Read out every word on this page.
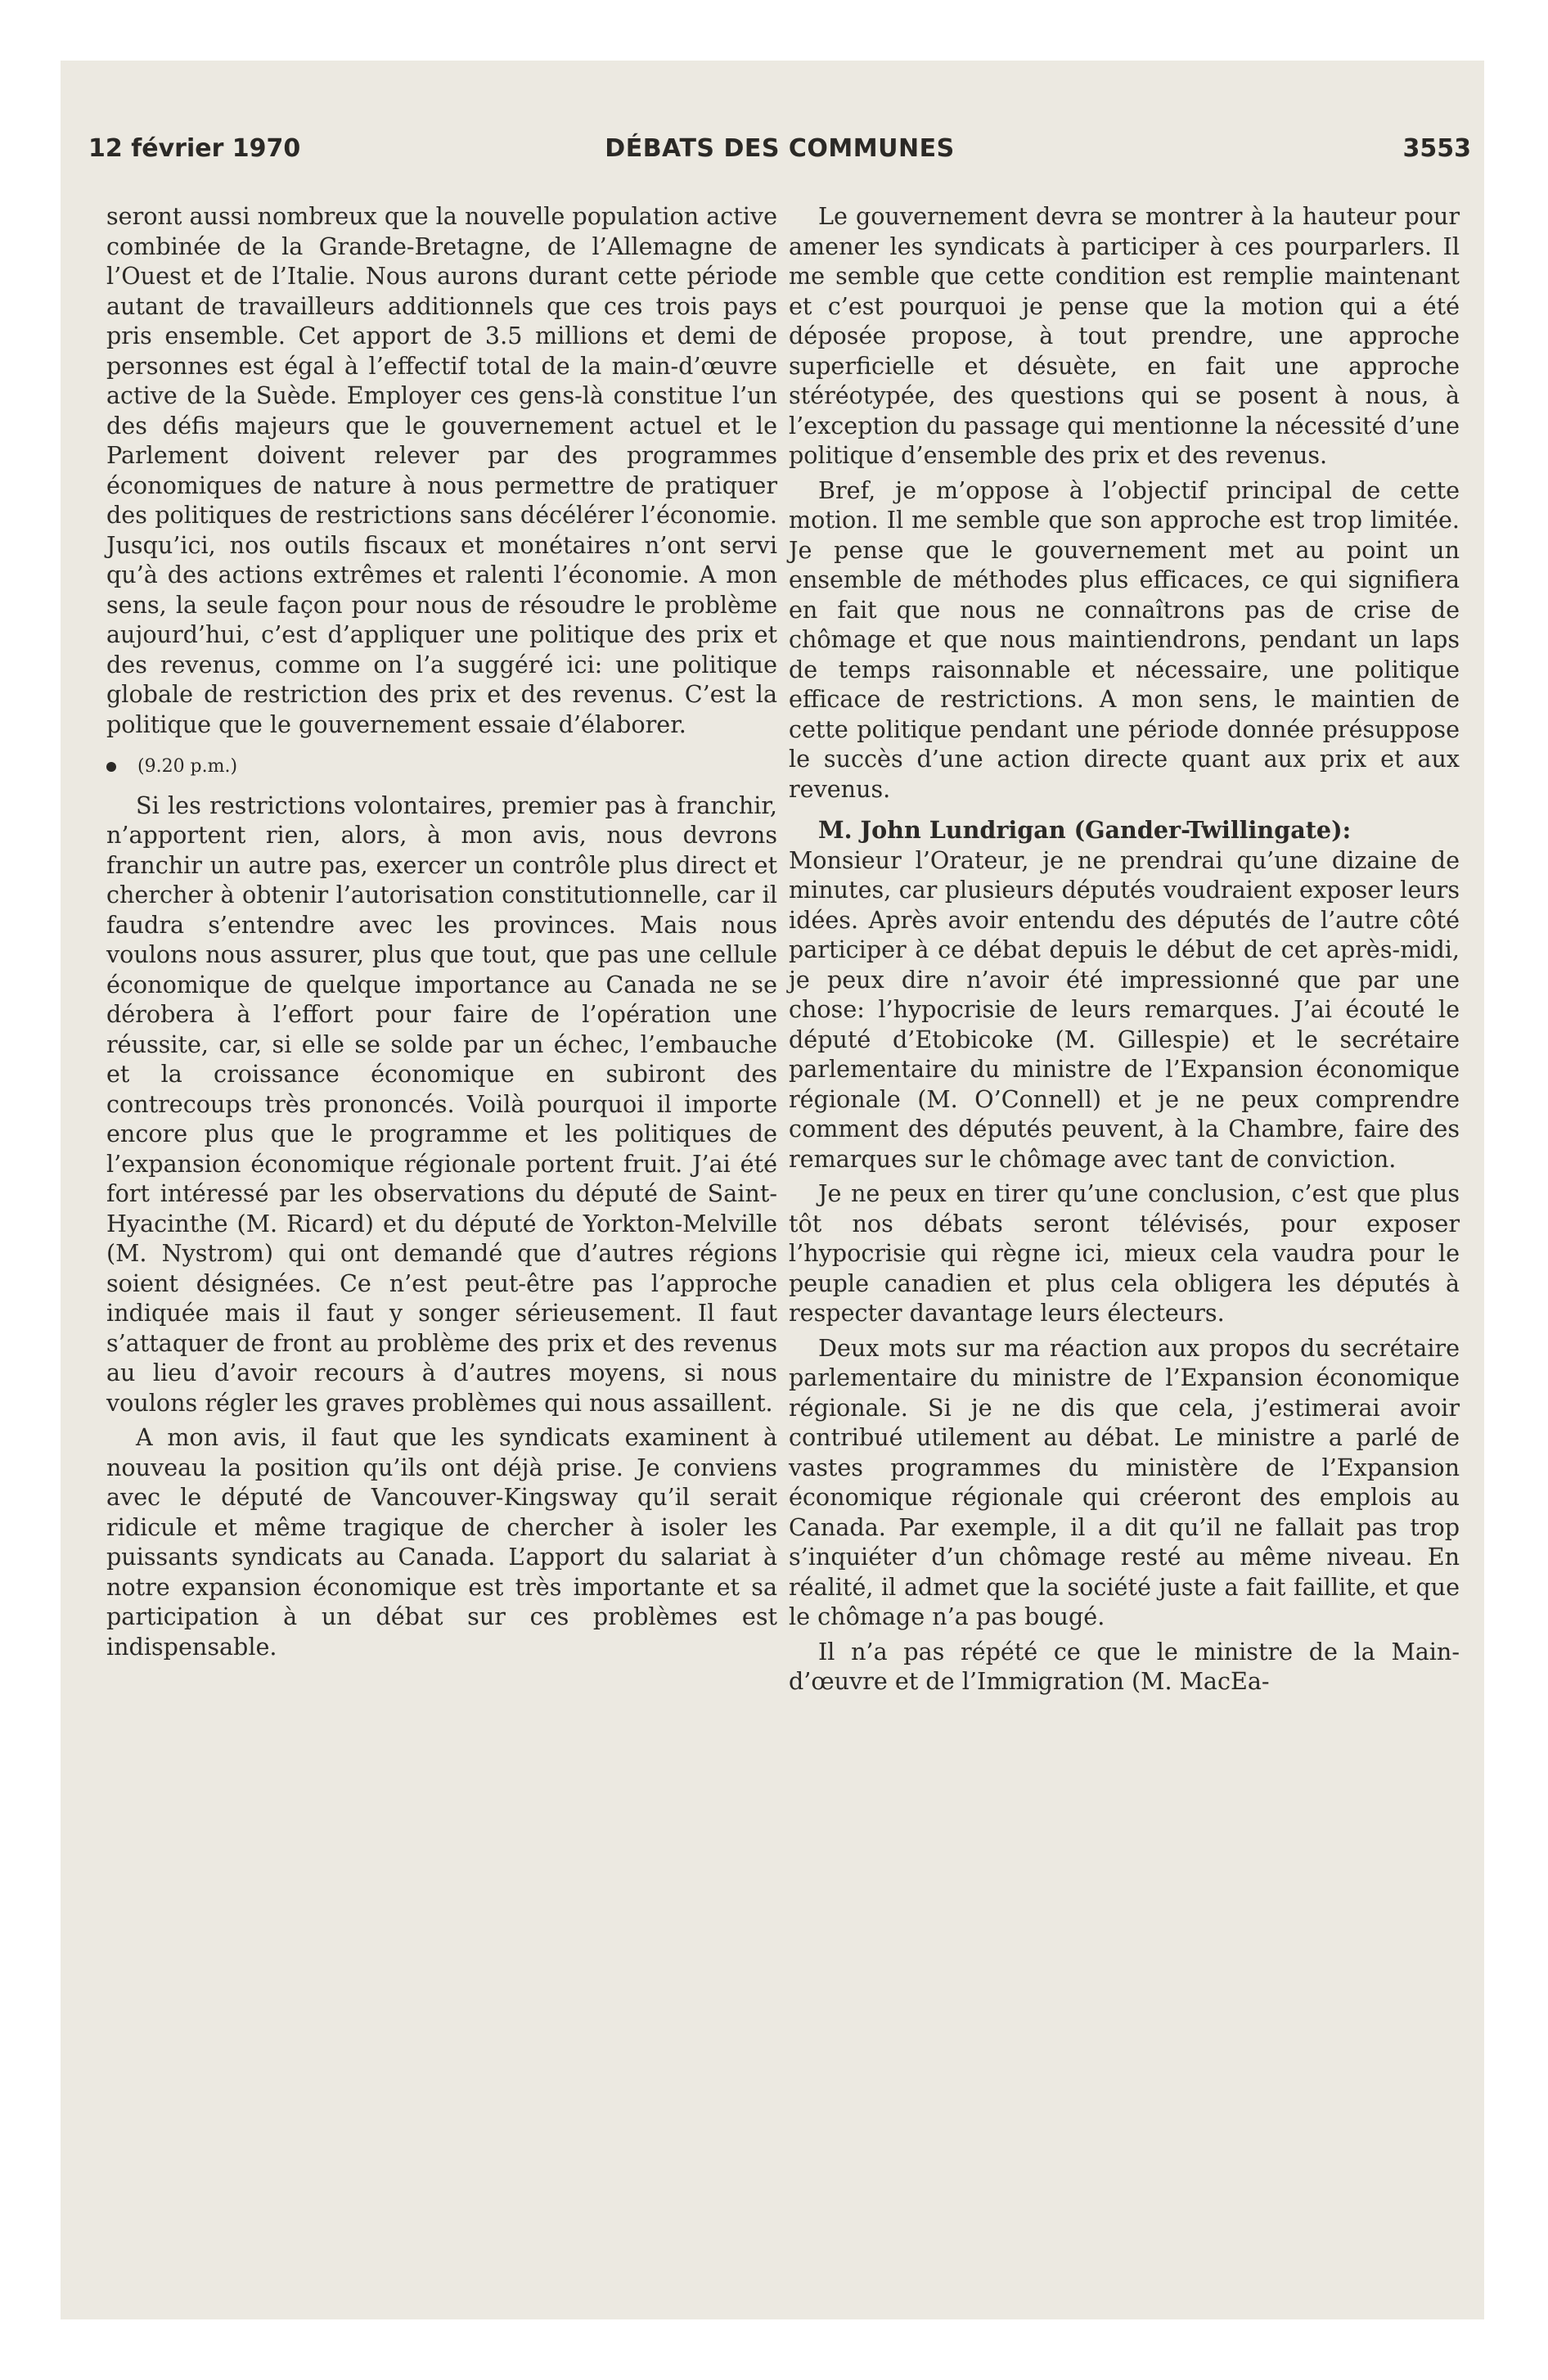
12 février 1970	DÉBATS DES COMMUNES	3553

seront aussi nombreux que la nouvelle population active combinée de la Grande-Bretagne, de l’Allemagne de l’Ouest et de l’Italie. Nous aurons durant cette période autant de travailleurs additionnels que ces trois pays pris ensemble. Cet apport de 3.5 millions et demi de personnes est égal à l’effectif total de la main-d’œuvre active de la Suède. Employer ces gens-là constitue l’un des défis majeurs que le gouvernement actuel et le Parlement doivent relever par des programmes économiques de nature à nous permettre de pratiquer des politiques de restrictions sans décélérer l’économie. Jusqu’ici, nos outils fiscaux et monétaires n’ont servi qu’à des actions extrêmes et ralenti l’économie. A mon sens, la seule façon pour nous de résoudre le problème aujourd’hui, c’est d’appliquer une politique des prix et des revenus, comme on l’a suggéré ici: une politique globale de restriction des prix et des revenus. C’est la politique que le gouvernement essaie d’élaborer.

(9.20 p.m.)

Si les restrictions volontaires, premier pas à franchir, n’apportent rien, alors, à mon avis, nous devrons franchir un autre pas, exercer un contrôle plus direct et chercher à obtenir l’autorisation constitutionnelle, car il faudra s’entendre avec les provinces. Mais nous voulons nous assurer, plus que tout, que pas une cellule économique de quelque importance au Canada ne se dérobera à l’effort pour faire de l’opération une réussite, car, si elle se solde par un échec, l’embauche et la croissance économique en subiront des contrecoups très prononcés. Voilà pourquoi il importe encore plus que le programme et les politiques de l’expansion économique régionale portent fruit. J’ai été fort intéressé par les observations du député de Saint-Hyacinthe (M. Ricard) et du député de Yorkton-Melville (M. Nystrom) qui ont demandé que d’autres régions soient désignées. Ce n’est peut-être pas l’approche indiquée mais il faut y songer sérieusement. Il faut s’attaquer de front au problème des prix et des revenus au lieu d’avoir recours à d’autres moyens, si nous voulons régler les graves problèmes qui nous assaillent.

A mon avis, il faut que les syndicats examinent à nouveau la position qu’ils ont déjà prise. Je conviens avec le député de Vancouver-Kingsway qu’il serait ridicule et même tragique de chercher à isoler les puissants syndicats au Canada. L’apport du salariat à notre expansion économique est très importante et sa participation à un débat sur ces problèmes est indispensable.

Le gouvernement devra se montrer à la hauteur pour amener les syndicats à participer à ces pourparlers. Il me semble que cette condition est remplie maintenant et c’est pourquoi je pense que la motion qui a été déposée propose, à tout prendre, une approche superficielle et désuète, en fait une approche stéréotypée, des questions qui se posent à nous, à l’exception du passage qui mentionne la nécessité d’une politique d’ensemble des prix et des revenus.

Bref, je m’oppose à l’objectif principal de cette motion. Il me semble que son approche est trop limitée. Je pense que le gouvernement met au point un ensemble de méthodes plus efficaces, ce qui signifiera en fait que nous ne connaîtrons pas de crise de chômage et que nous maintiendrons, pendant un laps de temps raisonnable et nécessaire, une politique efficace de restrictions. A mon sens, le maintien de cette politique pendant une période donnée présuppose le succès d’une action directe quant aux prix et aux revenus.

M. John Lundrigan (Gander-Twillingate):

Monsieur l’Orateur, je ne prendrai qu’une dizaine de minutes, car plusieurs députés voudraient exposer leurs idées. Après avoir entendu des députés de l’autre côté participer à ce débat depuis le début de cet après-midi, je peux dire n’avoir été impressionné que par une chose: l’hypocrisie de leurs remarques. J’ai écouté le député d’Etobicoke (M. Gillespie) et le secrétaire parlementaire du ministre de l’Expansion économique régionale (M. O’Connell) et je ne peux comprendre comment des députés peuvent, à la Chambre, faire des remarques sur le chômage avec tant de conviction.

Je ne peux en tirer qu’une conclusion, c’est que plus tôt nos débats seront télévisés, pour exposer l’hypocrisie qui règne ici, mieux cela vaudra pour le peuple canadien et plus cela obligera les députés à respecter davantage leurs électeurs.

Deux mots sur ma réaction aux propos du secrétaire parlementaire du ministre de l’Expansion économique régionale. Si je ne dis que cela, j’estimerai avoir contribué utilement au débat. Le ministre a parlé de vastes programmes du ministère de l’Expansion économique régionale qui créeront des emplois au Canada. Par exemple, il a dit qu’il ne fallait pas trop s’inquiéter d’un chômage resté au même niveau. En réalité, il admet que la société juste a fait faillite, et que le chômage n’a pas bougé.

Il n’a pas répété ce que le ministre de la Main-d’œuvre et de l’Immigration (M. MacEa-
